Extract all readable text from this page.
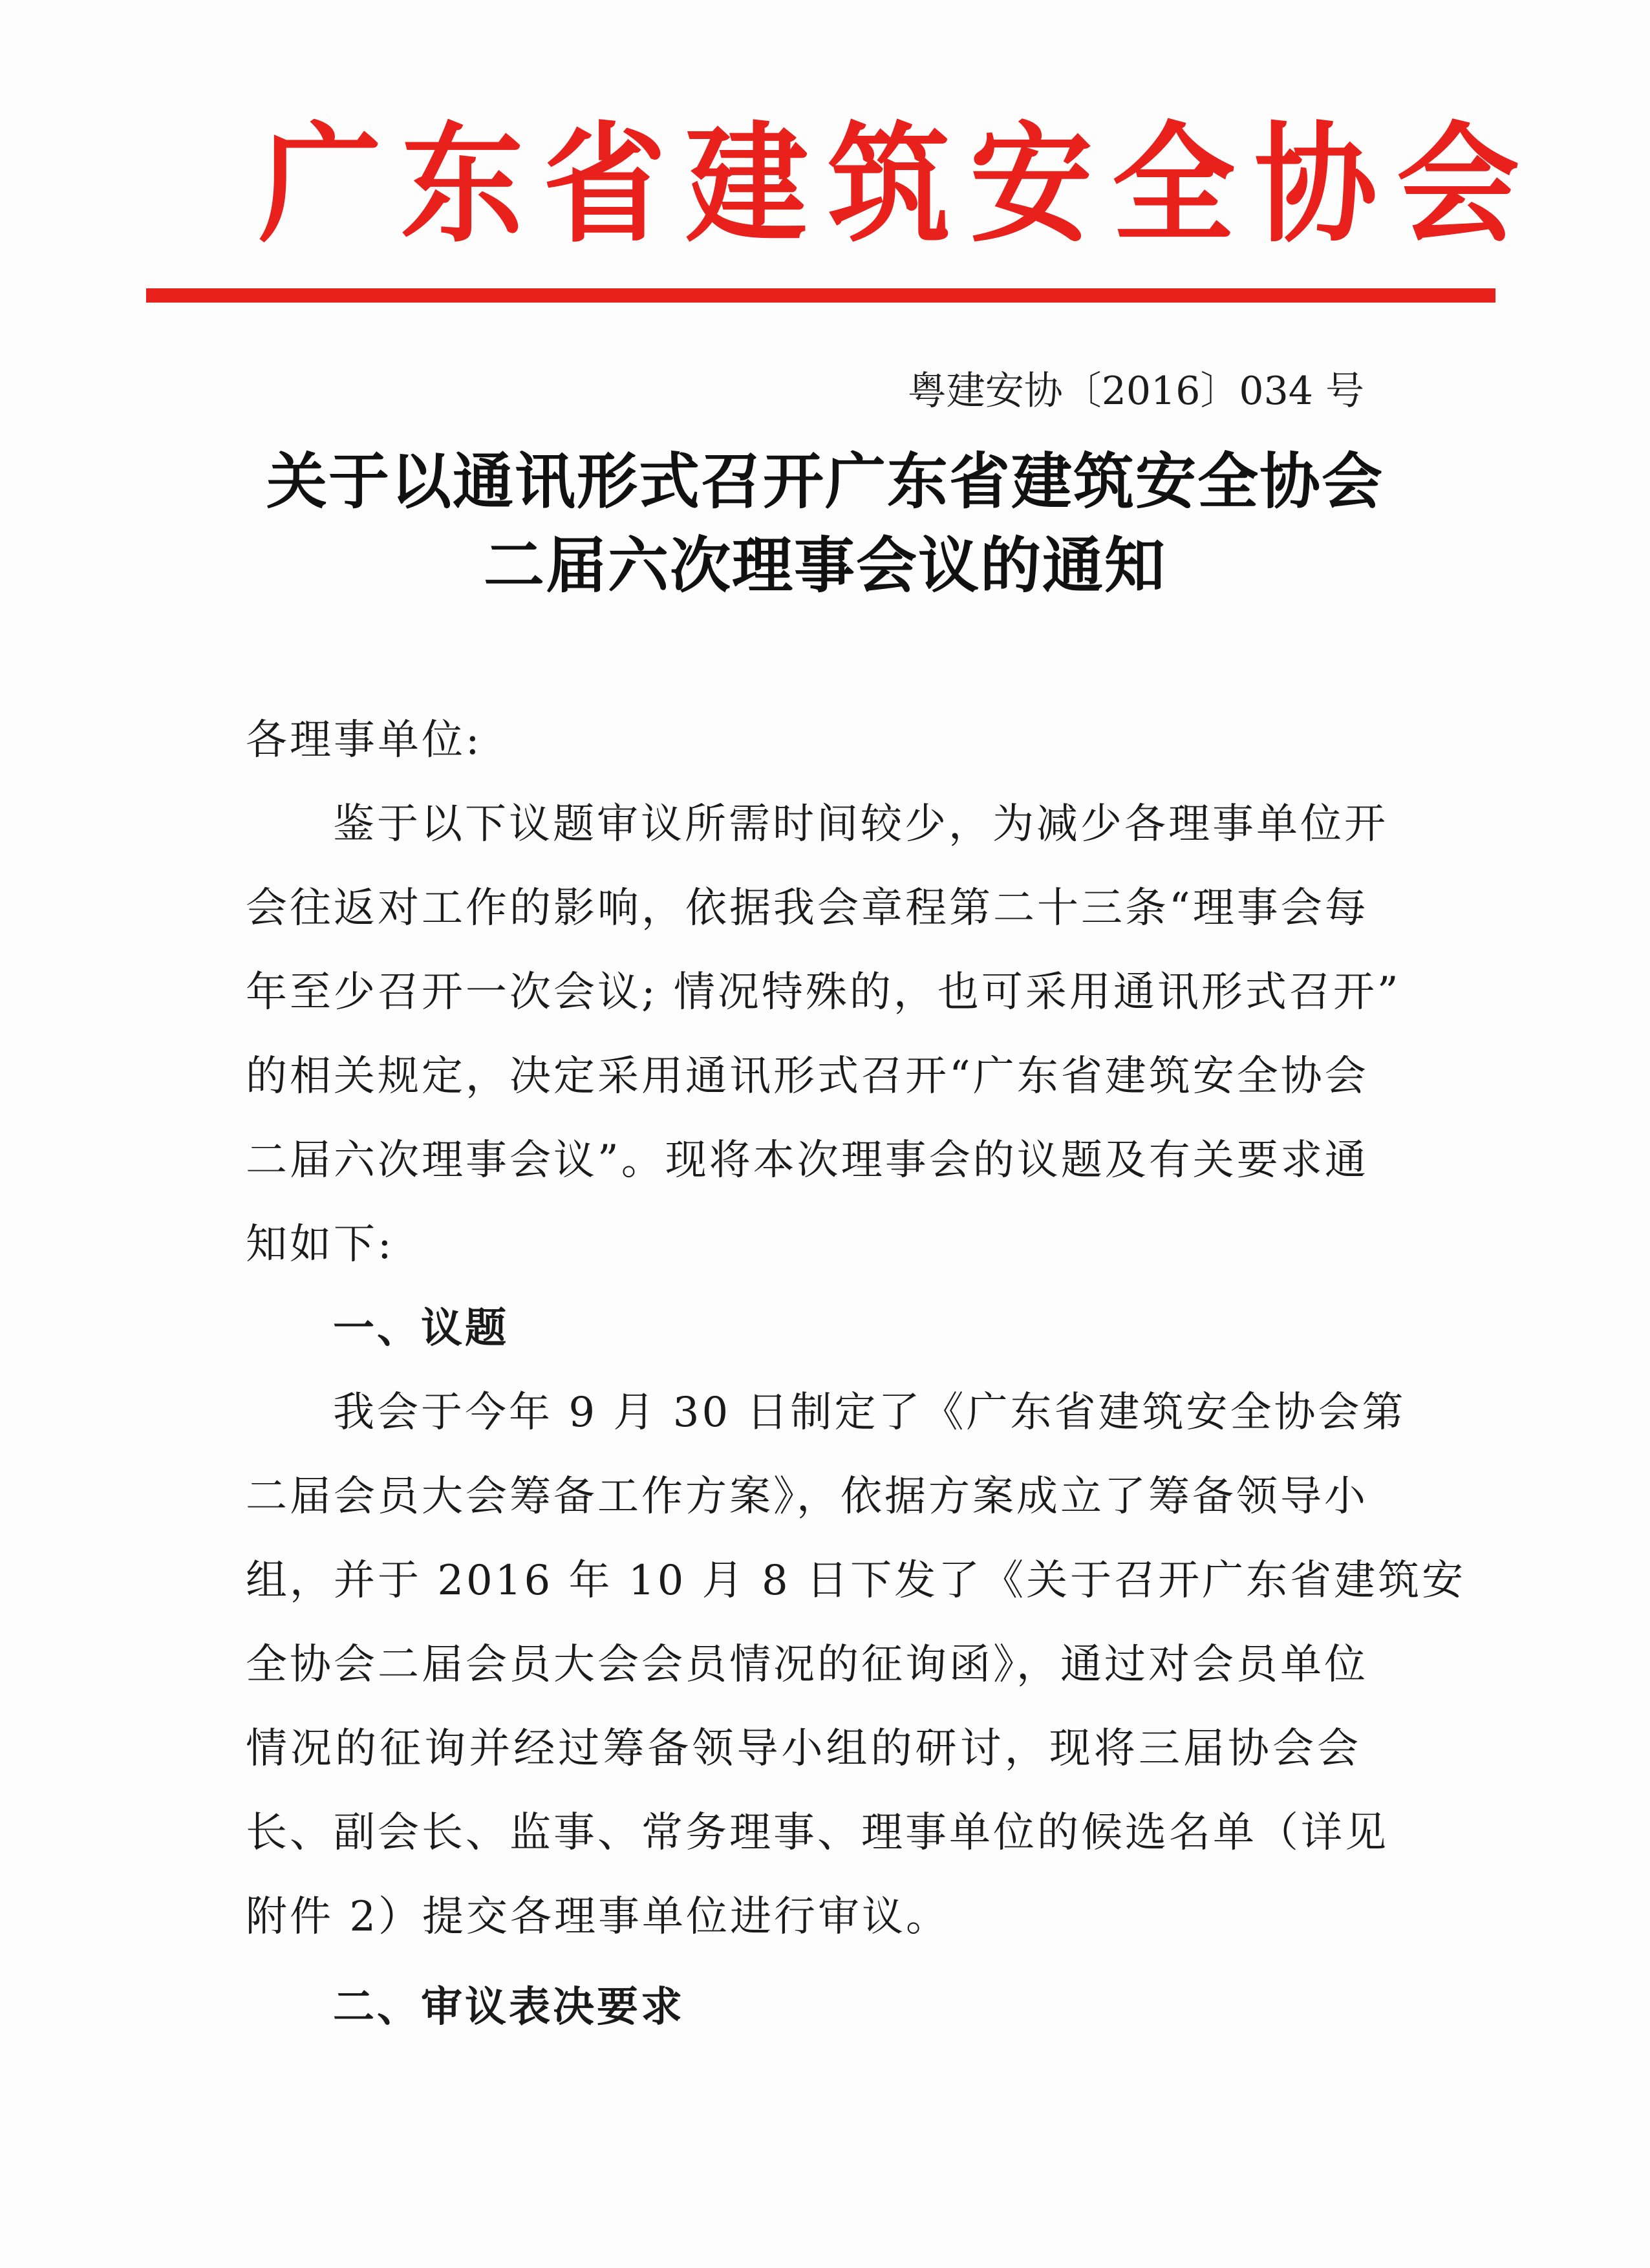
广东省建筑安全协会
粤建安协〔2016〕034 号
关于以通讯形式召开广东省建筑安全协会
二届六次理事会议的通知
各理事单位:
鉴于以下议题审议所需时间较少，为减少各理事单位开
会往返对工作的影响，依据我会章程第二十三条“理事会每
年至少召开一次会议; 情况特殊的，也可采用通讯形式召开”
的相关规定，决定采用通讯形式召开“广东省建筑安全协会
二届六次理事会议”。现将本次理事会的议题及有关要求通
知如下:
一、议题
我会于今年 9 月 30 日制定了《广东省建筑安全协会第
二届会员大会筹备工作方案》，依据方案成立了筹备领导小
组，并于 2016 年 10 月 8 日下发了《关于召开广东省建筑安
全协会二届会员大会会员情况的征询函》，通过对会员单位
情况的征询并经过筹备领导小组的研讨，现将三届协会会
长、副会长、监事、常务理事、理事单位的候选名单（详见
附件 2）提交各理事单位进行审议。
二、审议表决要求
